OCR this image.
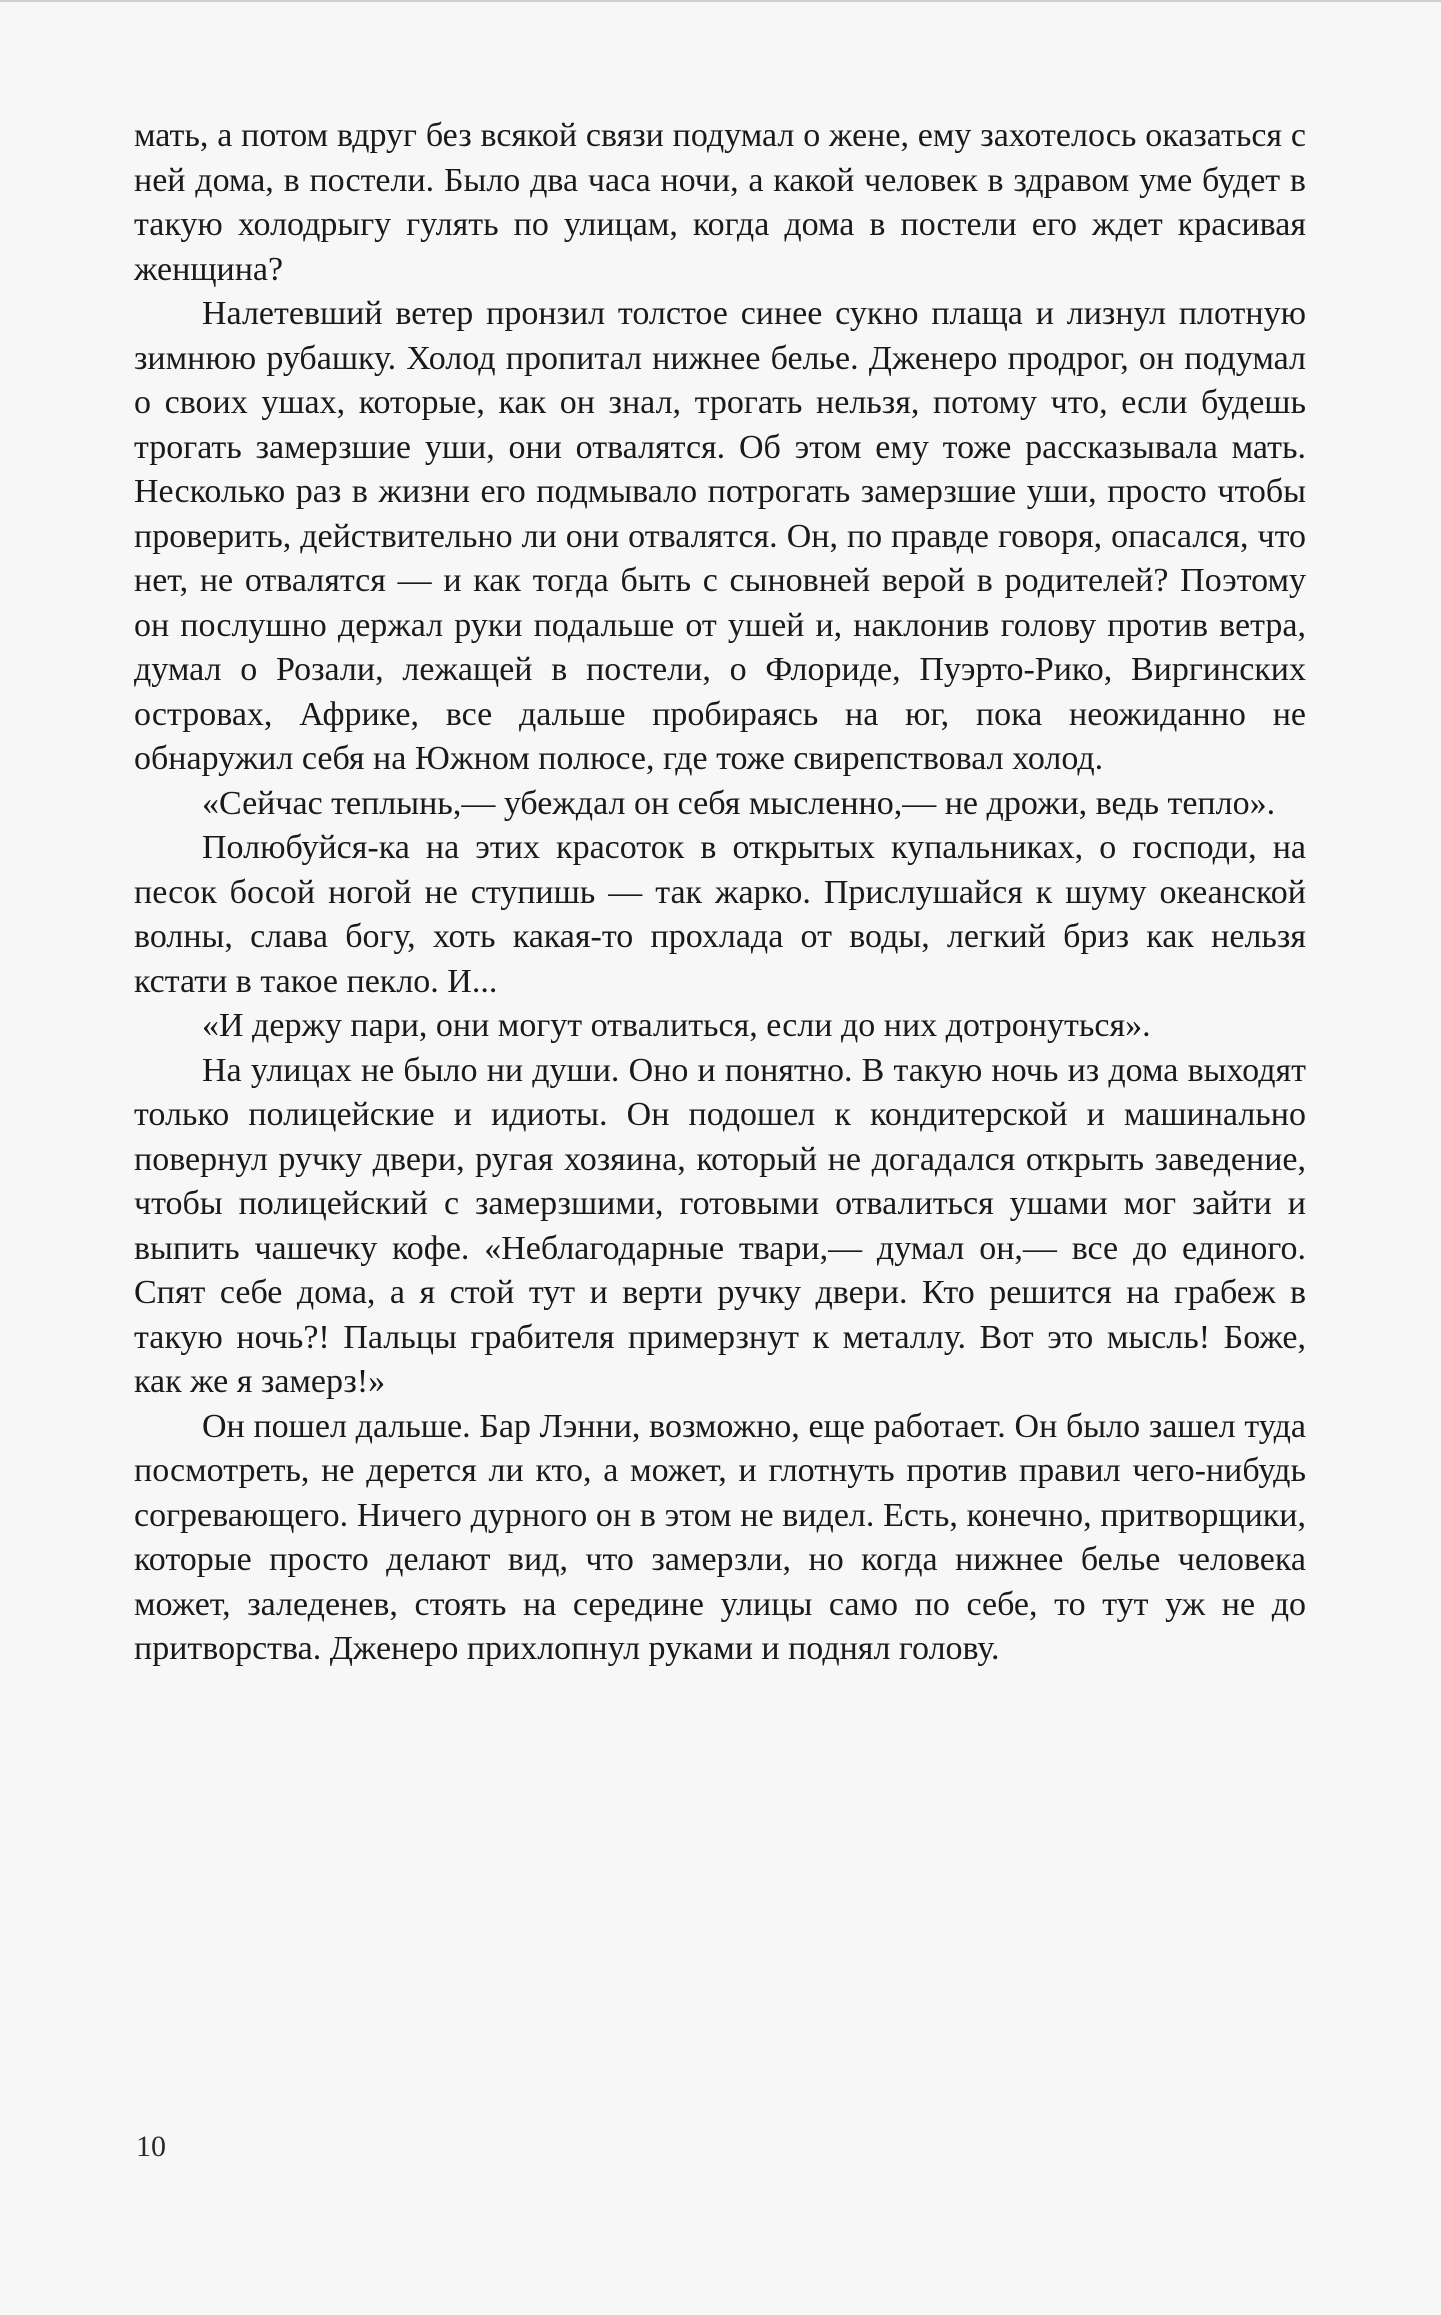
мать, а потом вдруг без всякой связи подумал о жене, ему захотелось оказаться с ней дома, в постели. Было два часа ночи, а какой человек в здравом уме будет в такую холодрыгу гулять по улицам, когда дома в постели его ждет красивая женщина?

Налетевший ветер пронзил толстое синее сукно плаща и лизнул плотную зимнюю рубашку. Холод пропитал нижнее белье. Дженеро продрог, он подумал о своих ушах, которые, как он знал, трогать нельзя, потому что, если будешь трогать замерзшие уши, они отвалятся. Об этом ему тоже рассказывала мать. Несколько раз в жизни его подмывало потрогать замерзшие уши, просто чтобы проверить, действительно ли они отвалятся. Он, по правде говоря, опасался, что нет, не отвалятся — и как тогда быть с сыновней верой в родителей? Поэтому он послушно держал руки подальше от ушей и, наклонив голову против ветра, думал о Розали, лежащей в постели, о Флориде, Пуэрто-Рико, Виргинских островах, Африке, все дальше пробираясь на юг, пока неожиданно не обнаружил себя на Южном полюсе, где тоже свирепствовал холод.

«Сейчас теплынь,— убеждал он себя мысленно,— не дрожи, ведь тепло».

Полюбуйся-ка на этих красоток в открытых купальниках, о господи, на песок босой ногой не ступишь — так жарко. Прислушайся к шуму океанской волны, слава богу, хоть какая-то прохлада от воды, легкий бриз как нельзя кстати в такое пекло. И...

«И держу пари, они могут отвалиться, если до них дотронуться».

На улицах не было ни души. Оно и понятно. В такую ночь из дома выходят только полицейские и идиоты. Он подошел к кондитерской и машинально повернул ручку двери, ругая хозяина, который не догадался открыть заведение, чтобы полицейский с замерзшими, готовыми отвалиться ушами мог зайти и выпить чашечку кофе. «Неблагодарные твари,— думал он,— все до единого. Спят себе дома, а я стой тут и верти ручку двери. Кто решится на грабеж в такую ночь?! Пальцы грабителя примерзнут к металлу. Вот это мысль! Боже, как же я замерз!»

Он пошел дальше. Бар Лэнни, возможно, еще работает. Он было зашел туда посмотреть, не дерется ли кто, а может, и глотнуть против правил чего-нибудь согревающего. Ничего дурного он в этом не видел. Есть, конечно, притворщики, которые просто делают вид, что замерзли, но когда нижнее белье человека может, заледенев, стоять на середине улицы само по себе, то тут уж не до притворства. Дженеро прихлопнул руками и поднял голову.

10
